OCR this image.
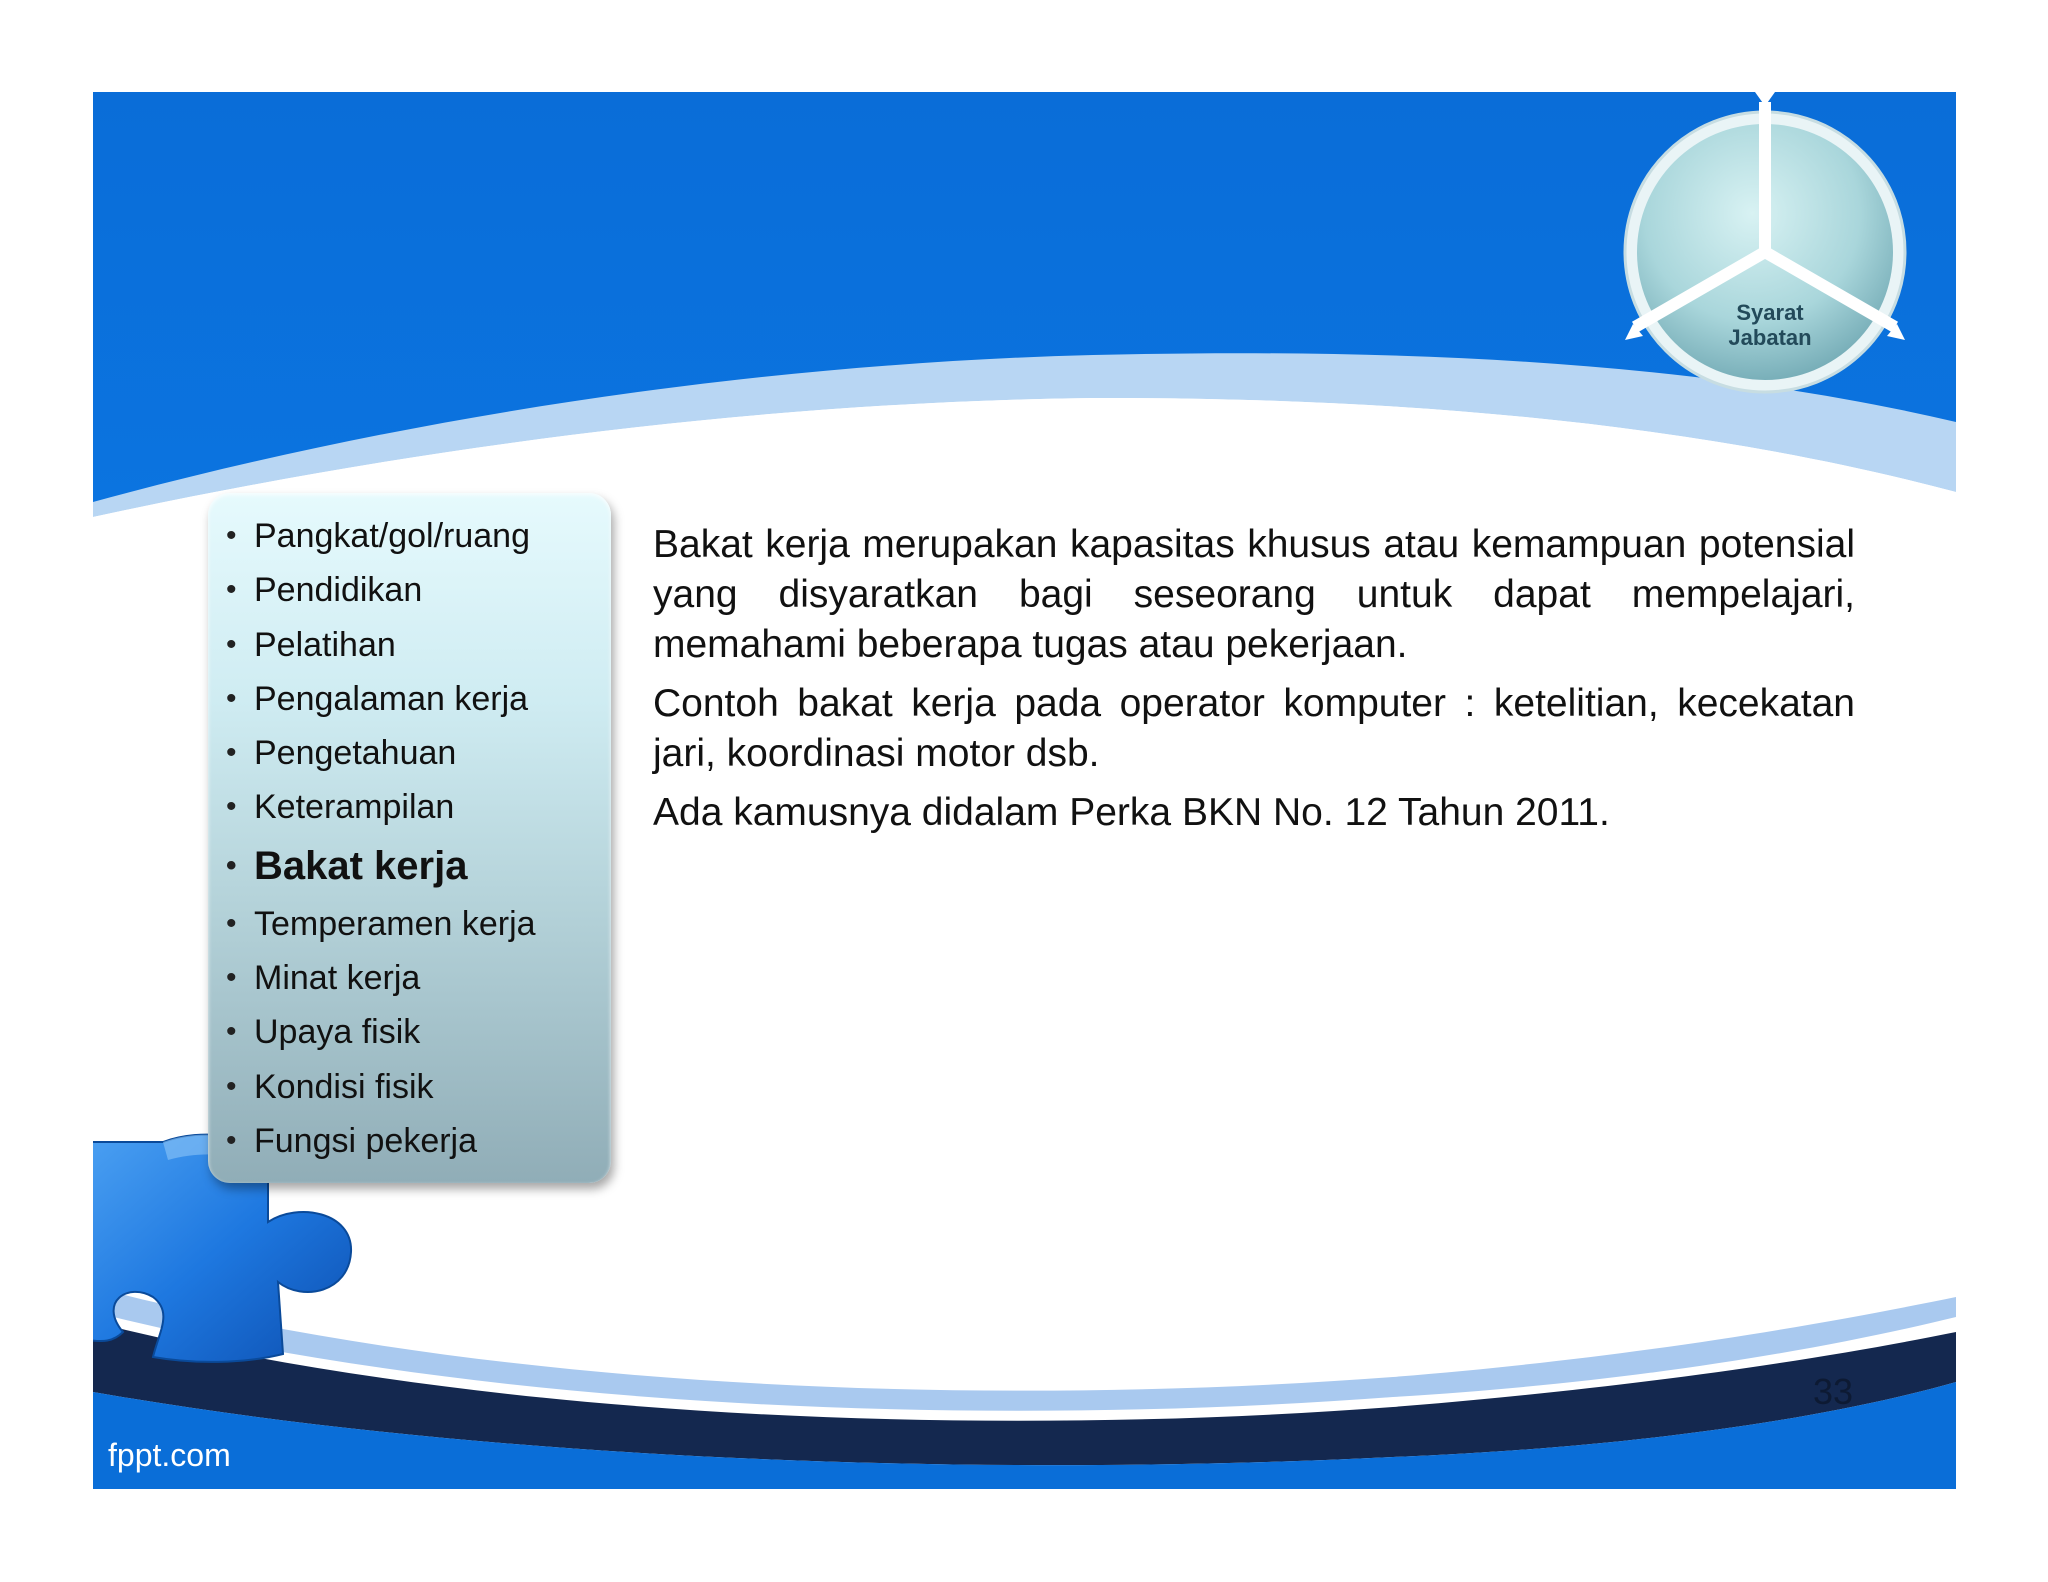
Syarat
Jabatan
• Pangkat/gol/ruang
• Pendidikan
• Pelatihan
• Pengalaman kerja
• Pengetahuan
• Keterampilan
• Bakat kerja
• Temperamen kerja
• Minat kerja
• Upaya fisik
• Kondisi fisik
• Fungsi pekerja

Bakat kerja merupakan kapasitas khusus atau kemampuan potensial yang disyaratkan bagi seseorang untuk dapat mempelajari, memahami beberapa tugas atau pekerjaan.

Contoh bakat kerja pada operator komputer : ketelitian, kecekatan jari, koordinasi motor dsb.

Ada kamusnya didalam Perka BKN No. 12 Tahun 2011.

33
fppt.com
